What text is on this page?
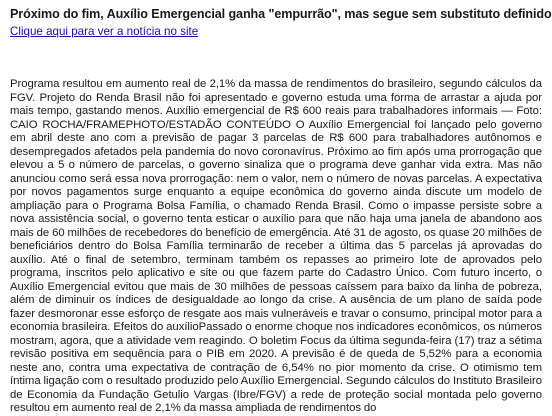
Próximo do fim, Auxílio Emergencial ganha "empurrão", mas segue sem substituto definido
Clique aqui para ver a notícia no site

Programa resultou em aumento real de 2,1% da massa de rendimentos do brasileiro, segundo cálculos da FGV. Projeto do Renda Brasil não foi apresentado e governo estuda uma forma de arrastar a ajuda por mais tempo, gastando menos. Auxílio emergencial de R$ 600 reais para trabalhadores informais — Foto: CAIO ROCHA/FRAMEPHOTO/ESTADÃO CONTEÚDO O Auxílio Emergencial foi lançado pelo governo em abril deste ano com a previsão de pagar 3 parcelas de R$ 600 para trabalhadores autônomos e desempregados afetados pela pandemia do novo coronavírus. Próximo ao fim após uma prorrogação que elevou a 5 o número de parcelas, o governo sinaliza que o programa deve ganhar vida extra. Mas não anunciou como será essa nova prorrogação: nem o valor, nem o número de novas parcelas. A expectativa por novos pagamentos surge enquanto a equipe econômica do governo ainda discute um modelo de ampliação para o Programa Bolsa Família, o chamado Renda Brasil. Como o impasse persiste sobre a nova assistência social, o governo tenta esticar o auxílio para que não haja uma janela de abandono aos mais de 60 milhões de recebedores do benefício de emergência. Até 31 de agosto, os quase 20 milhões de beneficiários dentro do Bolsa Família terminarão de receber a última das 5 parcelas já aprovadas do auxílio. Até o final de setembro, terminam também os repasses ao primeiro lote de aprovados pelo programa, inscritos pelo aplicativo e site ou que fazem parte do Cadastro Único. Com futuro incerto, o Auxílio Emergencial evitou que mais de 30 milhões de pessoas caíssem para baixo da linha de pobreza, além de diminuir os índices de desigualdade ao longo da crise. A ausência de um plano de saída pode fazer desmoronar esse esforço de resgate aos mais vulneráveis e travar o consumo, principal motor para a economia brasileira. Efeitos do auxílioPassado o enorme choque nos indicadores econômicos, os números mostram, agora, que a atividade vem reagindo. O boletim Focus da última segunda-feira (17) traz a sétima revisão positiva em sequência para o PIB em 2020. A previsão é de queda de 5,52% para a economia neste ano, contra uma expectativa de contração de 6,54% no pior momento da crise. O otimismo tem íntima ligação com o resultado produzido pelo Auxílio Emergencial. Segundo cálculos do Instituto Brasileiro de Economia da Fundação Getulio Vargas (Ibre/FGV) a rede de proteção social montada pelo governo resultou em aumento real de 2,1% da massa ampliada de rendimentos do
